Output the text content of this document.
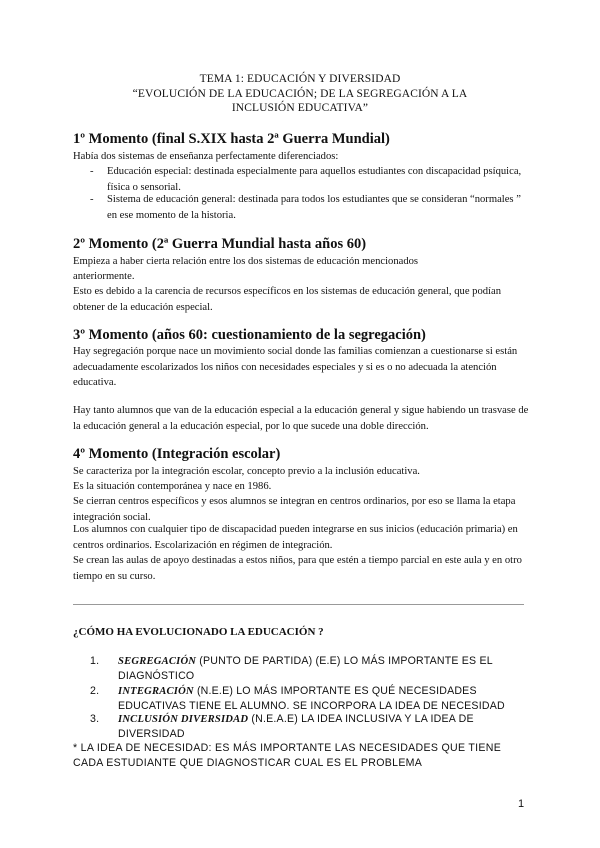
TEMA 1: EDUCACIÓN Y DIVERSIDAD
“EVOLUCIÓN DE LA EDUCACIÓN; DE LA SEGREGACIÓN A LA
INCLUSIÓN EDUCATIVA”
1º Momento (final S.XIX hasta 2ª Guerra Mundial)
Había dos sistemas de enseñanza perfectamente diferenciados:
- Educación especial: destinada especialmente para aquellos estudiantes con discapacidad psíquica, física o sensorial.
- Sistema de educación general: destinada para todos los estudiantes que se consideran “normales ” en ese momento de la historia.
2º Momento (2ª Guerra Mundial hasta años 60)
Empieza a haber cierta relación entre los dos sistemas de educación mencionados
anteriormente.
Esto es debido a la carencia de recursos específicos en los sistemas de educación general, que podían obtener de la educación especial.
3º Momento (años 60: cuestionamiento de la segregación)
Hay segregación porque nace un movimiento social donde las familias comienzan a cuestionarse si están adecuadamente escolarizados los niños con necesidades especiales y si es o no adecuada la atención educativa.
Hay tanto alumnos que van de la educación especial a la educación general y sigue habiendo un trasvase de la educación general a la educación especial, por lo que sucede una doble dirección.
4º Momento (Integración escolar)
Se caracteriza por la integración escolar, concepto previo a la inclusión educativa.
Es la situación contemporánea y nace en 1986.
Se cierran centros específicos y esos alumnos se integran en centros ordinarios, por eso se llama la etapa integración social.
Los alumnos con cualquier tipo de discapacidad pueden integrarse en sus inicios (educación primaria) en centros ordinarios. Escolarización en régimen de integración.
Se crean las aulas de apoyo destinadas a estos niños, para que estén a tiempo parcial en este aula y en otro tiempo en su curso.
¿CÓMO HA EVOLUCIONADO LA EDUCACIÓN ?
1. SEGREGACIÓN (PUNTO DE PARTIDA) (E.E) LO MÁS IMPORTANTE ES EL DIAGNÓSTICO
2. INTEGRACIÓN (N.E.E) LO MÁS IMPORTANTE ES QUÉ NECESIDADES EDUCATIVAS TIENE EL ALUMNO. SE INCORPORA LA IDEA DE NECESIDAD
3. INCLUSIÓN DIVERSIDAD (N.E.A.E) LA IDEA INCLUSIVA Y LA IDEA DE DIVERSIDAD
* LA IDEA DE NECESIDAD: ES MÁS IMPORTANTE LAS NECESIDADES QUE TIENE CADA ESTUDIANTE QUE DIAGNOSTICAR CUAL ES EL PROBLEMA
1
